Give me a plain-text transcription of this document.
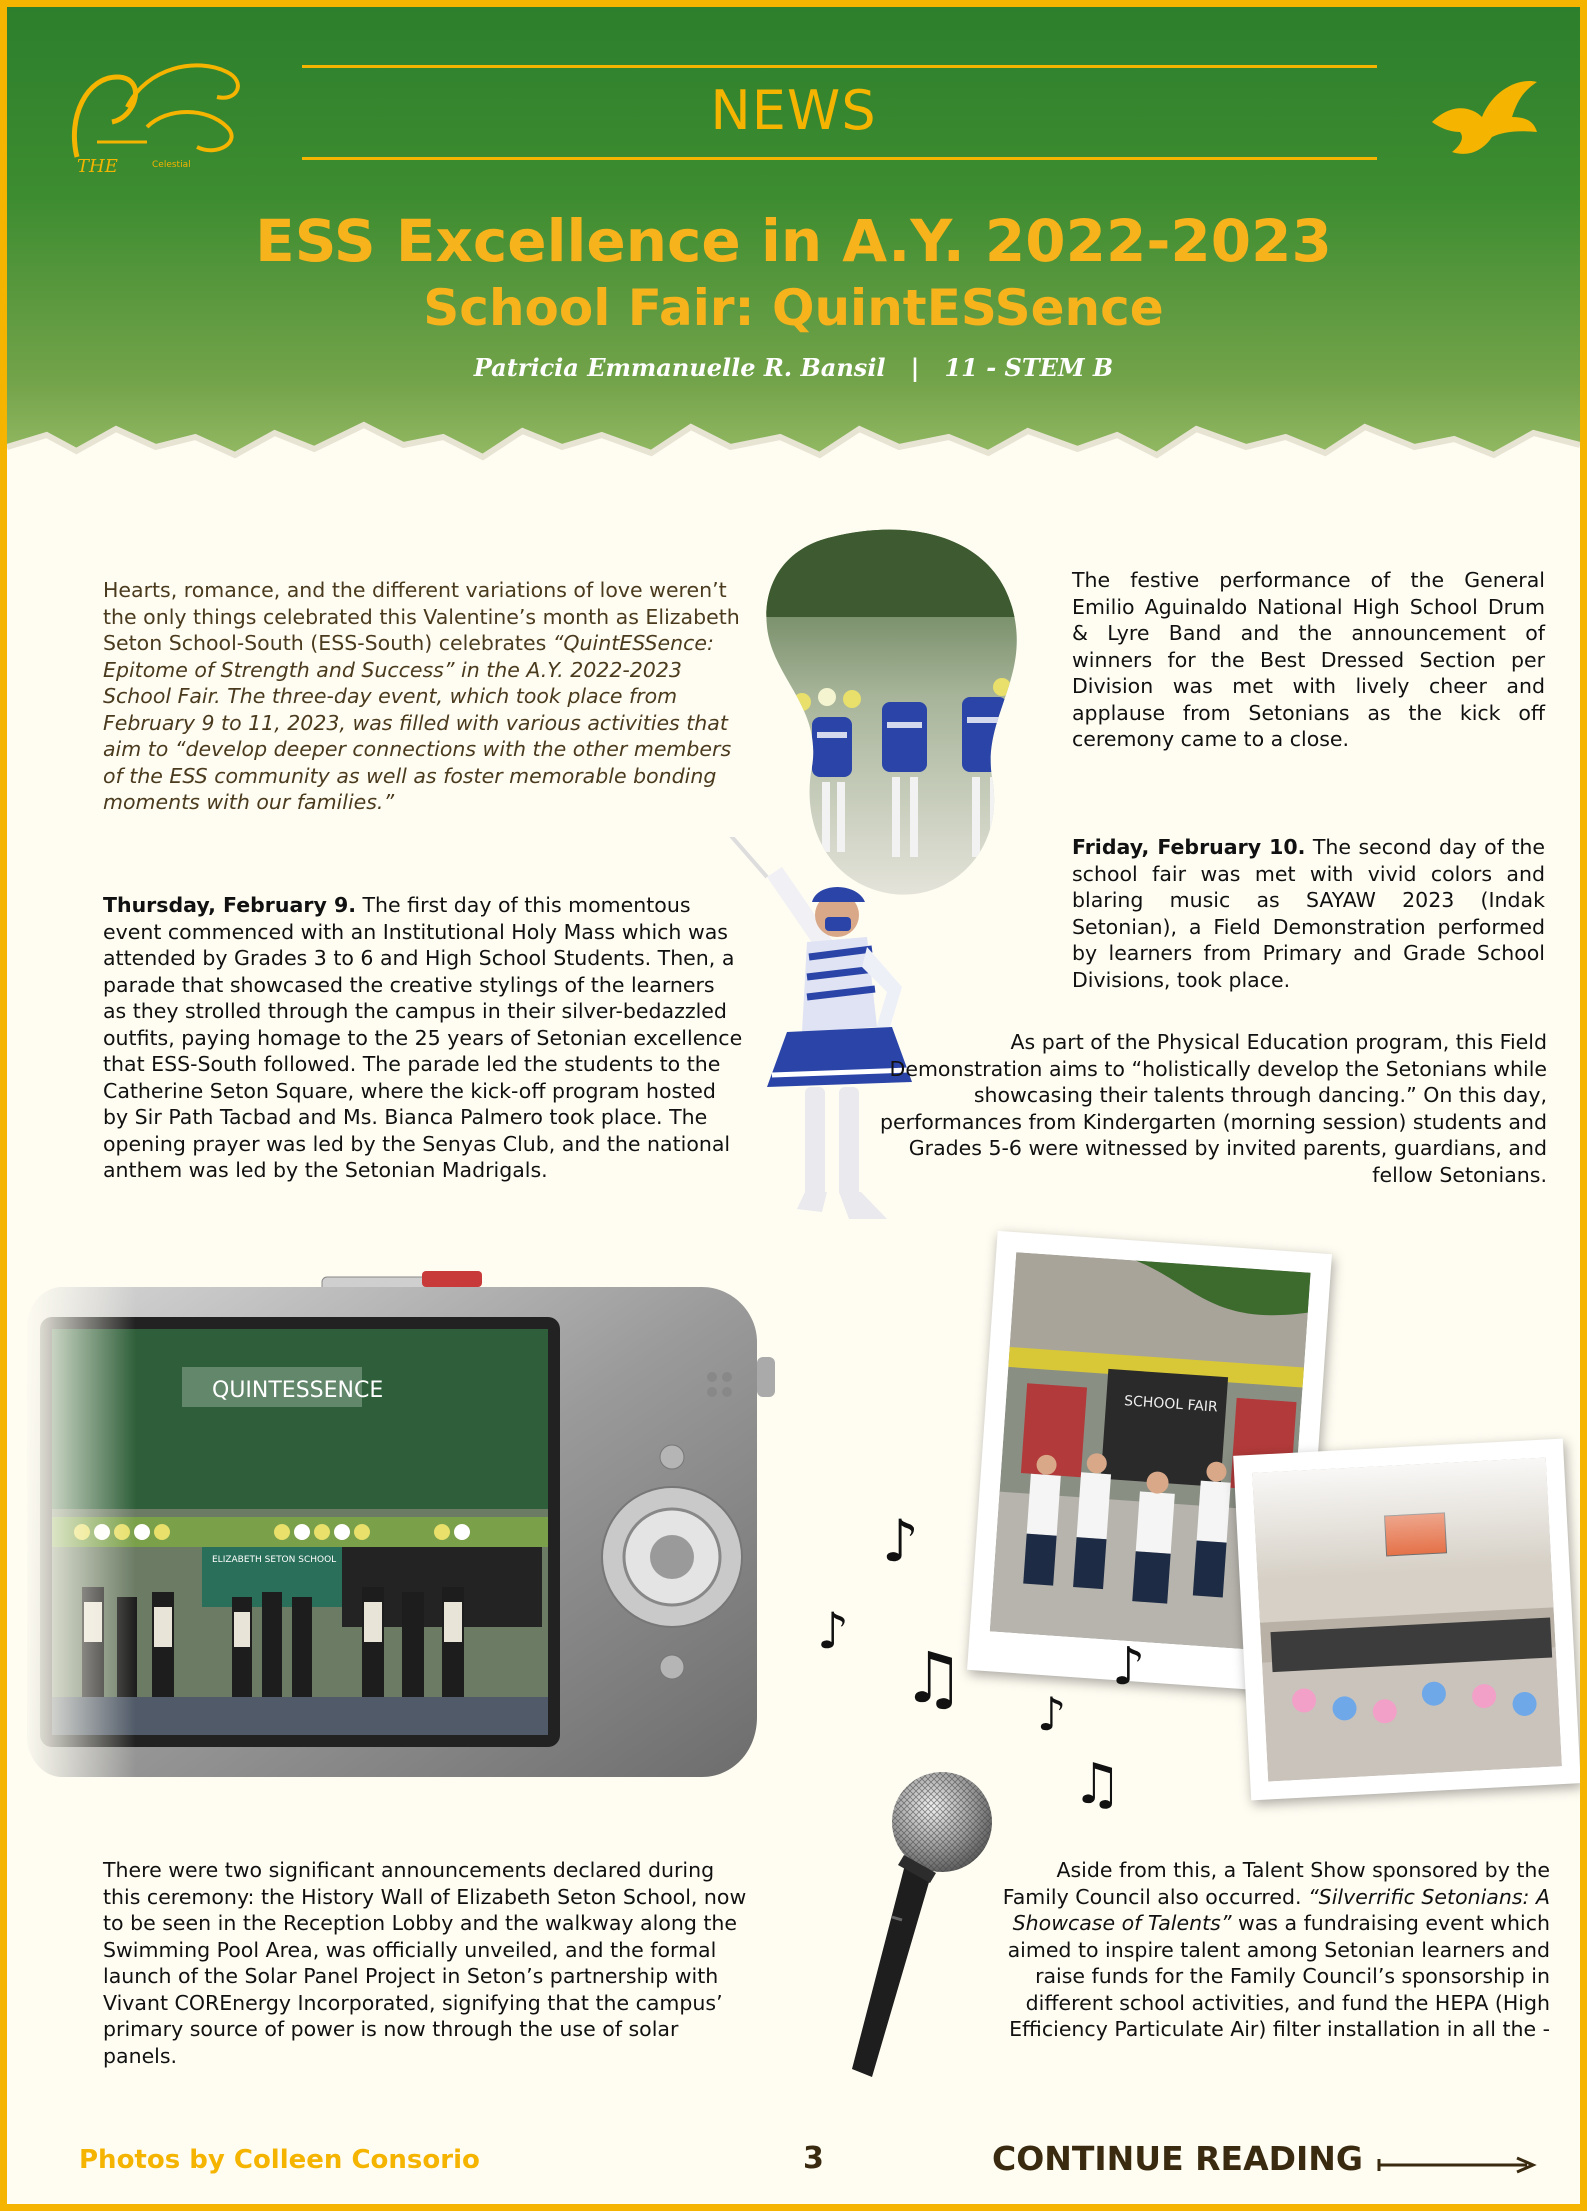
THE	Celestial
NEWS
ESS Excellence in A.Y. 2022-2023
School Fair: QuintESSence
Patricia Emmanuelle R. Bansil | 11 - STEM B
Hearts, romance, and the different variations of love weren’t the only things celebrated this Valentine’s month as Elizabeth Seton School-South (ESS-South) celebrates “QuintESSence: Epitome of Strength and Success” in the A.Y. 2022-2023 School Fair. The three-day event, which took place from February 9 to 11, 2023, was filled with various activities that aim to “develop deeper connections with the other members of the ESS community as well as foster memorable bonding moments with our families.”
Thursday, February 9. The first day of this momentous event commenced with an Institutional Holy Mass which was attended by Grades 3 to 6 and High School Students. Then, a parade that showcased the creative stylings of the learners as they strolled through the campus in their silver-bedazzled outfits, paying homage to the 25 years of Setonian excellence that ESS-South followed. The parade led the students to the Catherine Seton Square, where the kick-off program hosted by Sir Path Tacbad and Ms. Bianca Palmero took place. The opening prayer was led by the Senyas Club, and the national anthem was led by the Setonian Madrigals.
The festive performance of the General Emilio Aguinaldo National High School Drum & Lyre Band and the announcement of winners for the Best Dressed Section per Division was met with lively cheer and applause from Setonians as the kick off ceremony came to a close.
Friday, February 10. The second day of the school fair was met with vivid colors and blaring music as SAYAW 2023 (Indak Setonian), a Field Demonstration performed by learners from Primary and Grade School Divisions, took place.
As part of the Physical Education program, this Field Demonstration aims to “holistically develop the Setonians while showcasing their talents through dancing.” On this day, performances from Kindergarten (morning session) students and Grades 5-6 were witnessed by invited parents, guardians, and fellow Setonians.
SCHOOL FAIR
♪
♪
♫ ♪
♪
♫
There were two significant announcements declared during this ceremony: the History Wall of Elizabeth Seton School, now to be seen in the Reception Lobby and the walkway along the Swimming Pool Area, was officially unveiled, and the formal launch of the Solar Panel Project in Seton’s partnership with Vivant COREnergy Incorporated, signifying that the campus’ primary source of power is now through the use of solar panels.
Aside from this, a Talent Show sponsored by the Family Council also occurred. “Silverrific Setonians: A Showcase of Talents” was a fundraising event which aimed to inspire talent among Setonian learners and raise funds for the Family Council’s sponsorship in different school activities, and fund the HEPA (High Efficiency Particulate Air) filter installation in all the -
Photos by Colleen Consorio	3	CONTINUE READING
